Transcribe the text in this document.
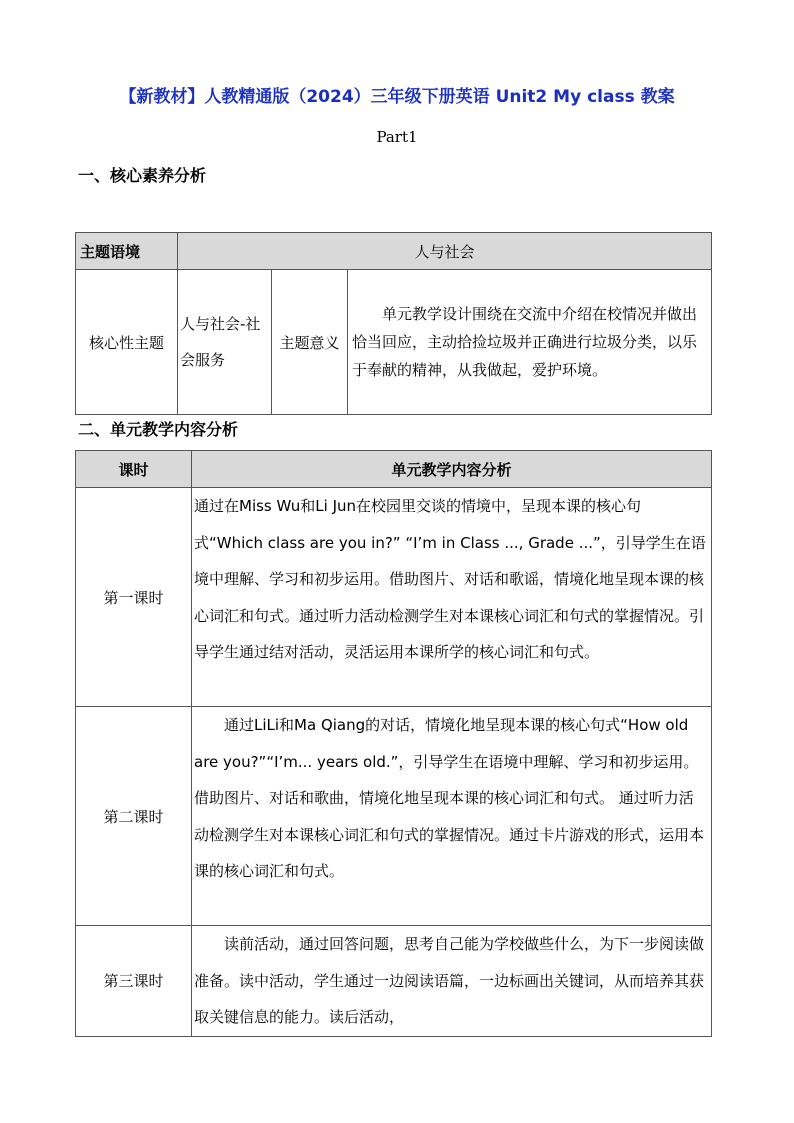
【新教材】人教精通版（2024）三年级下册英语 Unit2 My class 教案
Part1
一、核心素养分析
主题语境	人与社会		
核心性主题	人与社会-社会服务	主题意义	单元教学设计围绕在交流中介绍在校情况并做出恰当回应，主动拾捡垃圾并正确进行垃圾分类，以乐于奉献的精神，从我做起，爱护环境。
二、单元教学内容分析
课时	单元教学内容分析
第一课时	通过在Miss Wu和Li Jun在校园里交谈的情境中，呈现本课的核心句式“Which class are you in?” “I’m in Class ..., Grade ...”，引导学生在语境中理解、学习和初步运用。借助图片、对话和歌谣，情境化地呈现本课的核心词汇和句式。通过听力活动检测学生对本课核心词汇和句式的掌握情况。引导学生通过结对活动，灵活运用本课所学的核心词汇和句式。
第二课时	通过LiLi和Ma Qiang的对话，情境化地呈现本课的核心句式“How old are you?”“I’m... years old.”，引导学生在语境中理解、学习和初步运用。借助图片、对话和歌曲，情境化地呈现本课的核心词汇和句式。 通过听力活动检测学生对本课核心词汇和句式的掌握情况。通过卡片游戏的形式，运用本课的核心词汇和句式。
第三课时	读前活动，通过回答问题，思考自己能为学校做些什么，为下一步阅读做准备。读中活动，学生通过一边阅读语篇，一边标画出关键词，从而培养其获取关键信息的能力。读后活动，
